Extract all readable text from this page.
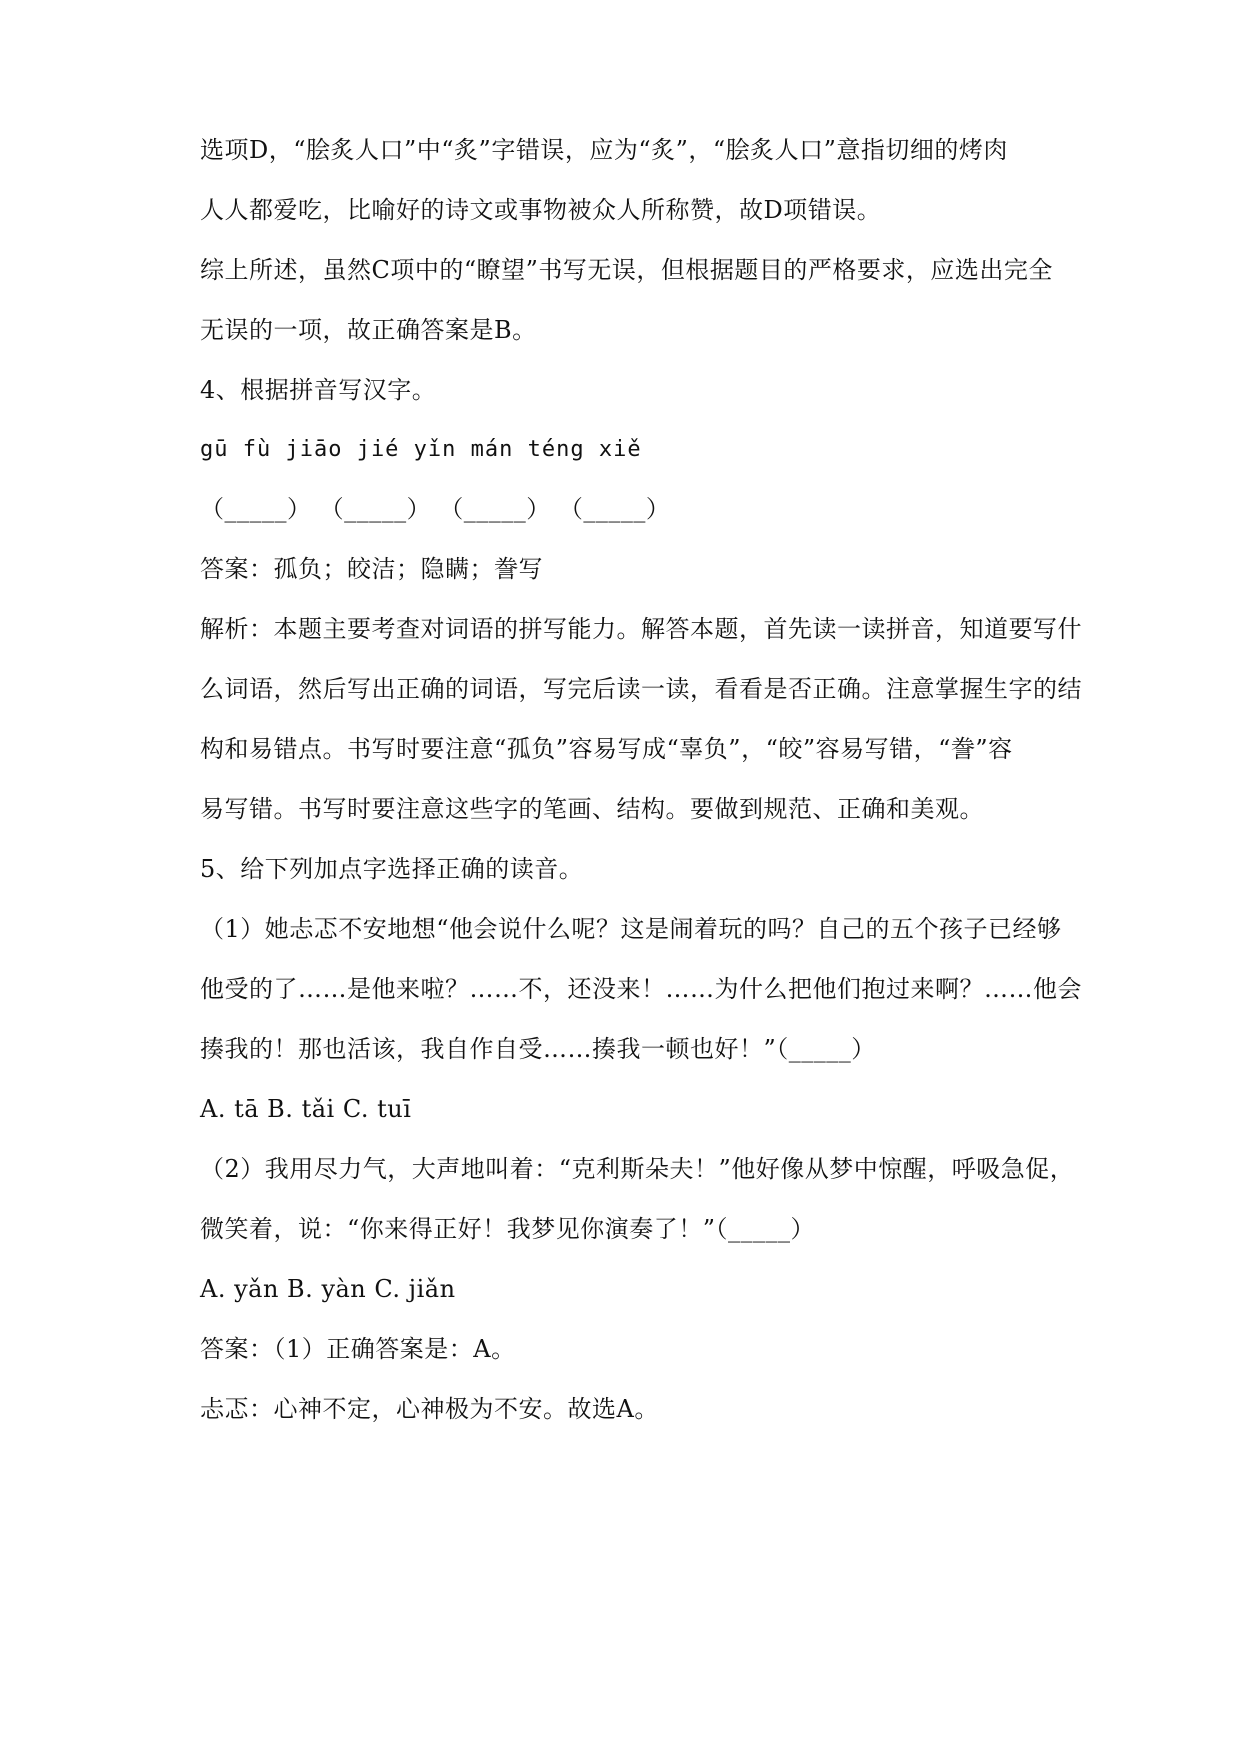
选项D，“脍炙人口”中“炙”字错误，应为“炙”，“脍炙人口”意指切细的烤肉
人人都爱吃，比喻好的诗文或事物被众人所称赞，故D项错误。
综上所述，虽然C项中的“瞭望”书写无误，但根据题目的严格要求，应选出完全
无误的一项，故正确答案是B。
4、根据拼音写汉字。
gū fù jiāo jié yǐn mán téng xiě
（_____） （_____） （_____） （_____）
答案：孤负；皎洁；隐瞒；誊写
解析：本题主要考查对词语的拼写能力。解答本题，首先读一读拼音，知道要写什
么词语，然后写出正确的词语，写完后读一读，看看是否正确。注意掌握生字的结
构和易错点。书写时要注意“孤负”容易写成“辜负”，“皎”容易写错，“誊”容
易写错。书写时要注意这些字的笔画、结构。要做到规范、正确和美观。
5、给下列加点字选择正确的读音。
（1）她忐忑不安地想“他会说什么呢？这是闹着玩的吗？自己的五个孩子已经够
他受的了……是他来啦？……不，还没来！……为什么把他们抱过来啊？……他会
揍我的！那也活该，我自作自受……揍我一顿也好！”（_____）
A. tā B. tǎi C. tuī
（2）我用尽力气，大声地叫着：“克利斯朵夫！”他好像从梦中惊醒，呼吸急促，
微笑着，说：“你来得正好！我梦见你演奏了！”（_____）
A. yǎn B. yàn C. jiǎn
答案：（1）正确答案是：A。
忐忑：心神不定，心神极为不安。故选A。
